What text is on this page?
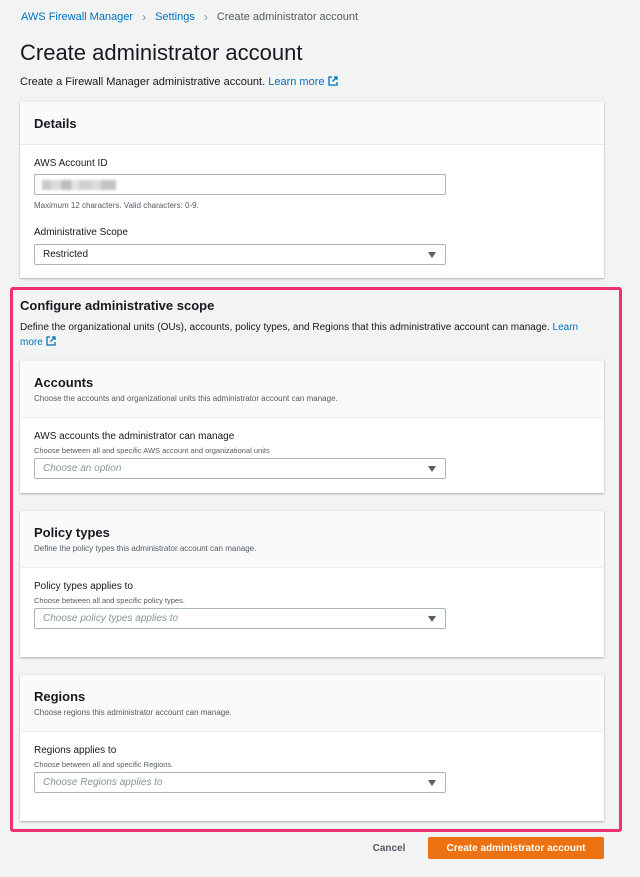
AWS Firewall Manager › Settings › Create administrator account
Create administrator account
Create a Firewall Manager administrative account. Learn more
Details
AWS Account ID
Maximum 12 characters. Valid characters: 0-9.
Administrative Scope
Restricted
Configure administrative scope
Define the organizational units (OUs), accounts, policy types, and Regions that this administrative account can manage. Learn more
Accounts
Choose the accounts and organizational units this administrator account can manage.
AWS accounts the administrator can manage
Choose between all and specific AWS account and organizational units
Choose an option
Policy types
Define the policy types this administrator account can manage.
Policy types applies to
Choose between all and specific policy types.
Choose policy types applies to
Regions
Choose regions this administrator account can manage.
Regions applies to
Choose between all and specific Regions.
Choose Regions applies to
Cancel	Create administrator account
